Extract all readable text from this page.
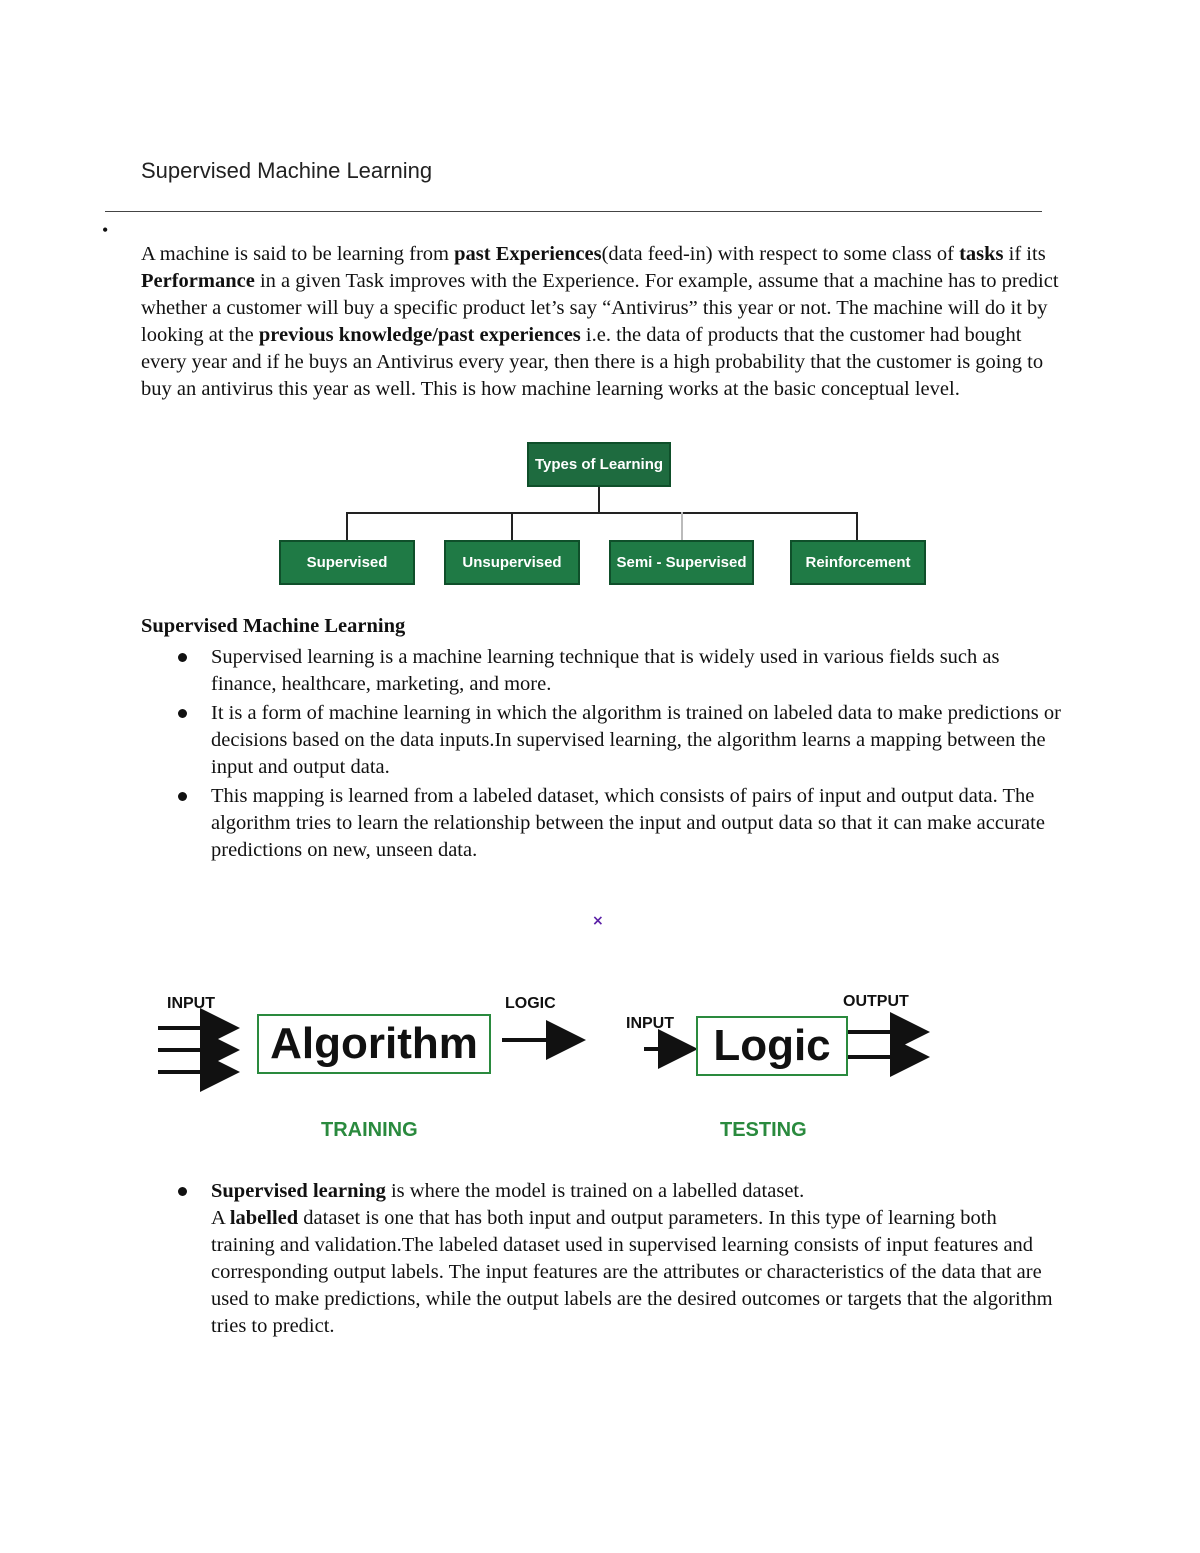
Supervised Machine Learning
•

A machine is said to be learning from past Experiences(data feed-in) with respect to some class of tasks if its Performance in a given Task improves with the Experience. For example, assume that a machine has to predict whether a customer will buy a specific product let’s say “Antivirus” this year or not. The machine will do it by looking at the previous knowledge/past experiences i.e. the data of products that the customer had bought every year and if he buys an Antivirus every year, then there is a high probability that the customer is going to buy an antivirus this year as well. This is how machine learning works at the basic conceptual level.

Types of Learning
Supervised	Unsupervised	Semi - Supervised	Reinforcement
Supervised Machine Learning
Supervised learning is a machine learning technique that is widely used in various fields such as finance, healthcare, marketing, and more.
It is a form of machine learning in which the algorithm is trained on labeled data to make predictions or decisions based on the data inputs.In supervised learning, the algorithm learns a mapping between the input and output data.
This mapping is learned from a labeled dataset, which consists of pairs of input and output data. The algorithm tries to learn the relationship between the input and output data so that it can make accurate predictions on new, unseen data.
×
INPUT
Algorithm
LOGIC
INPUT Logic
OUTPUT
TRAINING	TESTING
Supervised learning is where the model is trained on a labelled dataset.
A labelled dataset is one that has both input and output parameters. In this type of learning both training and validation.The labeled dataset used in supervised learning consists of input features and corresponding output labels. The input features are the attributes or characteristics of the data that are used to make predictions, while the output labels are the desired outcomes or targets that the algorithm tries to predict.
